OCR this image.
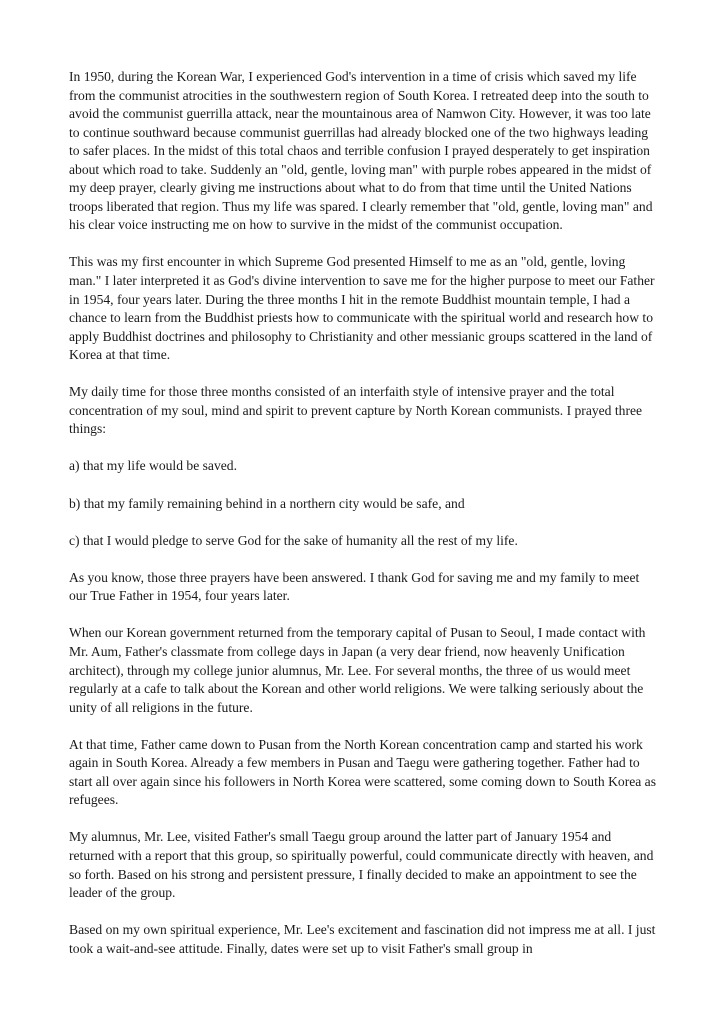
In 1950, during the Korean War, I experienced God's intervention in a time of crisis which saved my life from the communist atrocities in the southwestern region of South Korea. I retreated deep into the south to avoid the communist guerrilla attack, near the mountainous area of Namwon City. However, it was too late to continue southward because communist guerrillas had already blocked one of the two highways leading to safer places. In the midst of this total chaos and terrible confusion I prayed desperately to get inspiration about which road to take. Suddenly an "old, gentle, loving man" with purple robes appeared in the midst of my deep prayer, clearly giving me instructions about what to do from that time until the United Nations troops liberated that region. Thus my life was spared. I clearly remember that "old, gentle, loving man" and his clear voice instructing me on how to survive in the midst of the communist occupation.

This was my first encounter in which Supreme God presented Himself to me as an "old, gentle, loving man." I later interpreted it as God's divine intervention to save me for the higher purpose to meet our Father in 1954, four years later. During the three months I hit in the remote Buddhist mountain temple, I had a chance to learn from the Buddhist priests how to communicate with the spiritual world and research how to apply Buddhist doctrines and philosophy to Christianity and other messianic groups scattered in the land of Korea at that time.

My daily time for those three months consisted of an interfaith style of intensive prayer and the total concentration of my soul, mind and spirit to prevent capture by North Korean communists. I prayed three things:

a) that my life would be saved.

b) that my family remaining behind in a northern city would be safe, and

c) that I would pledge to serve God for the sake of humanity all the rest of my life.

As you know, those three prayers have been answered. I thank God for saving me and my family to meet our True Father in 1954, four years later.

When our Korean government returned from the temporary capital of Pusan to Seoul, I made contact with Mr. Aum, Father's classmate from college days in Japan (a very dear friend, now heavenly Unification architect), through my college junior alumnus, Mr. Lee. For several months, the three of us would meet regularly at a cafe to talk about the Korean and other world religions. We were talking seriously about the unity of all religions in the future.

At that time, Father came down to Pusan from the North Korean concentration camp and started his work again in South Korea. Already a few members in Pusan and Taegu were gathering together. Father had to start all over again since his followers in North Korea were scattered, some coming down to South Korea as refugees.

My alumnus, Mr. Lee, visited Father's small Taegu group around the latter part of January 1954 and returned with a report that this group, so spiritually powerful, could communicate directly with heaven, and so forth. Based on his strong and persistent pressure, I finally decided to make an appointment to see the leader of the group.

Based on my own spiritual experience, Mr. Lee's excitement and fascination did not impress me at all. I just took a wait-and-see attitude. Finally, dates were set up to visit Father's small group in
